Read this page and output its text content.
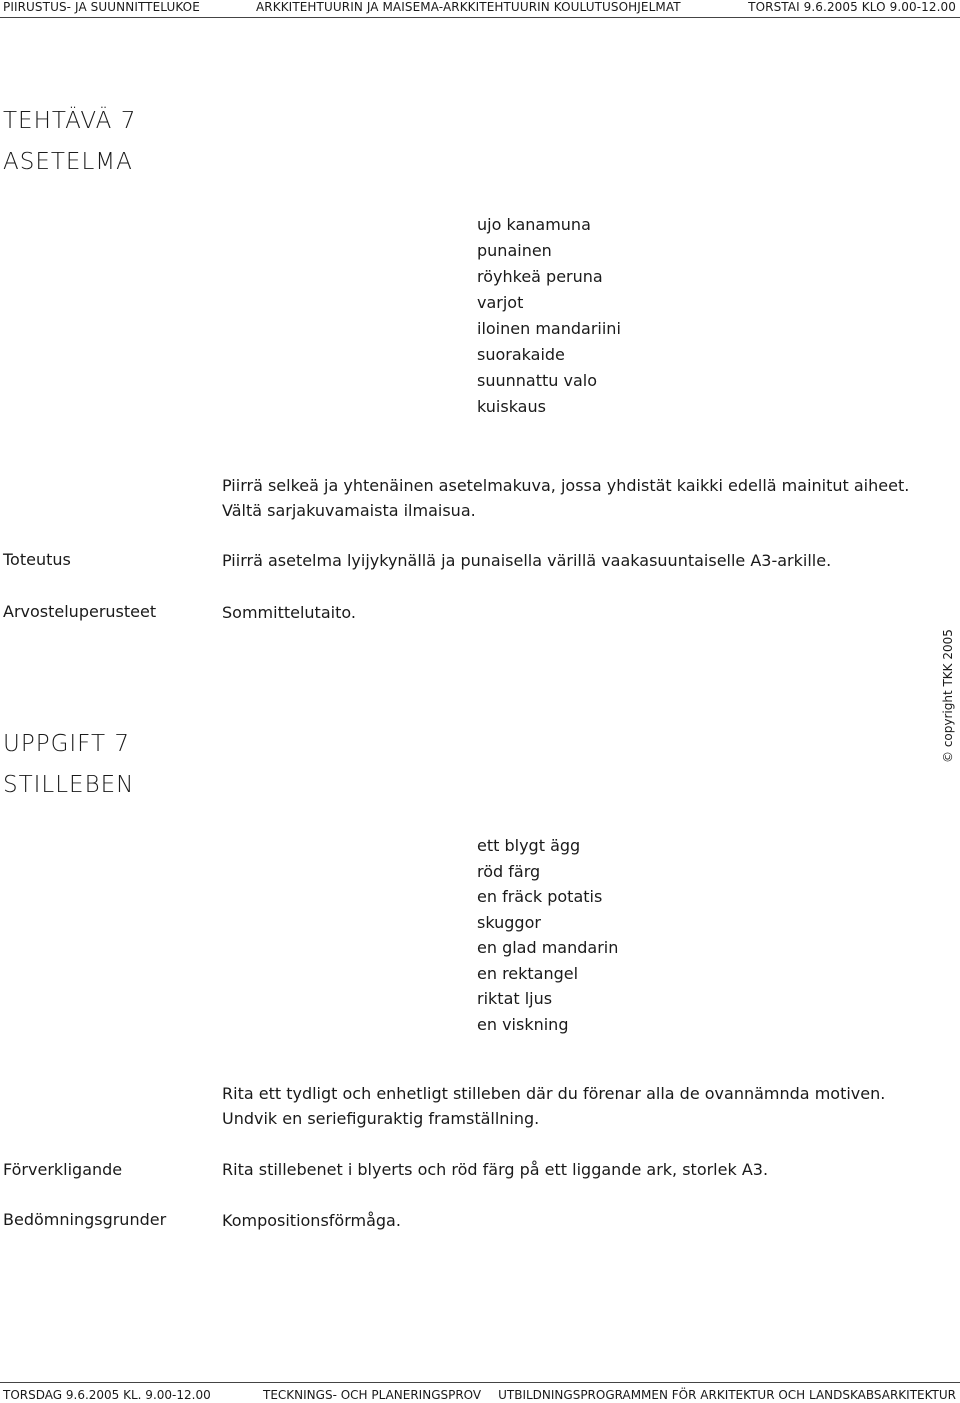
PIIRUSTUS- JA SUUNNITTELUKOE	ARKKITEHTUURIN JA MAISEMA-ARKKITEHTUURIN KOULUTUSOHJELMAT	TORSTAI 9.6.2005 KLO 9.00-12.00
TEHTÄVÄ 7
ASETELMA
ujo kanamuna
punainen
röyhkeä peruna
varjot
iloinen mandariini
suorakaide
suunnattu valo
kuiskaus
Piirrä selkeä ja yhtenäinen asetelmakuva, jossa yhdistät kaikki edellä mainitut aiheet.
Vältä sarjakuvamaista ilmaisua.
Toteutus	Piirrä asetelma lyijykynällä ja punaisella värillä vaakasuuntaiselle A3-arkille.
Arvosteluperusteet	Sommittelutaito.
© copyright TKK 2005
UPPGIFT 7
STILLEBEN
ett blygt ägg
röd färg
en fräck potatis
skuggor
en glad mandarin
en rektangel
riktat ljus
en viskning
Rita ett tydligt och enhetligt stilleben där du förenar alla de ovannämnda motiven.
Undvik en seriefiguraktig framställning.
Förverkligande	Rita stillebenet i blyerts och röd färg på ett liggande ark, storlek A3.
Bedömningsgrunder	Kompositionsförmåga.
TORSDAG 9.6.2005 KL. 9.00-12.00	TECKNINGS- OCH PLANERINGSPROV UTBILDNINGSPROGRAMMEN FÖR ARKITEKTUR OCH LANDSKABSARKITEKTUR
